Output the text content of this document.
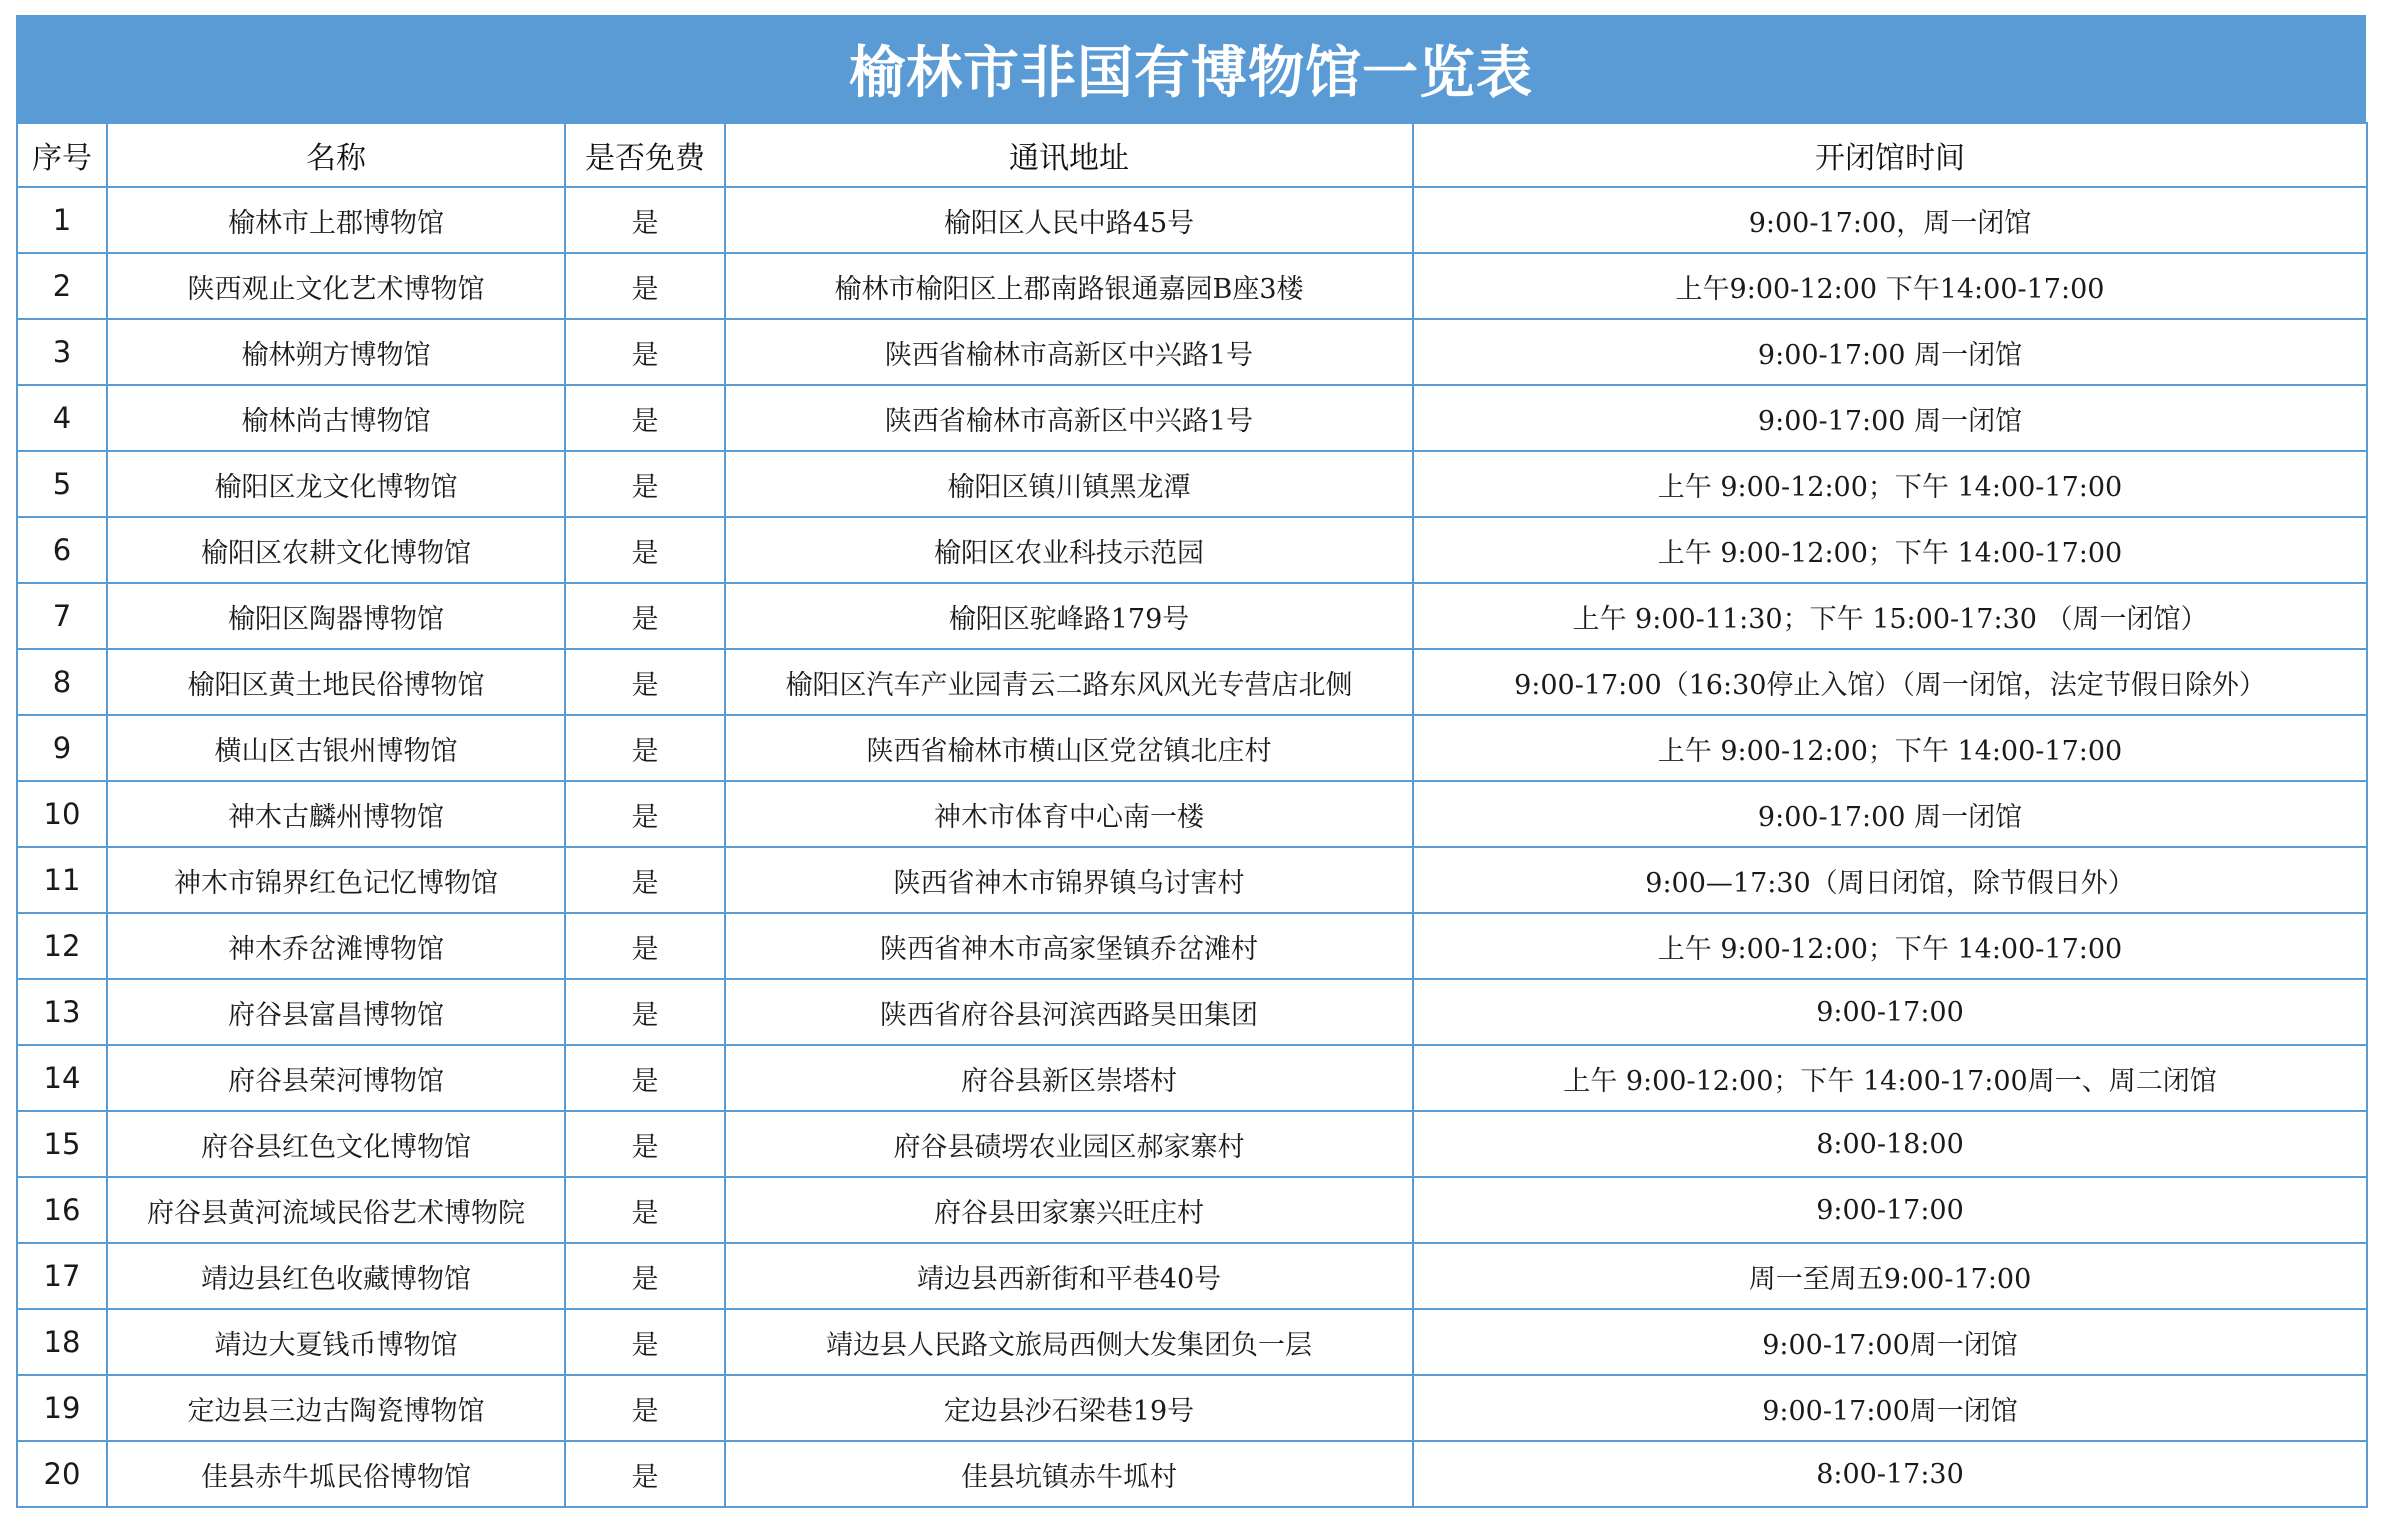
榆林市非国有博物馆一览表
序号	名称	是否免费	通讯地址	开闭馆时间
1	榆林市上郡博物馆	是	榆阳区人民中路45号	9:00-17:00，周一闭馆
2	陕西观止文化艺术博物馆	是	榆林市榆阳区上郡南路银通嘉园B座3楼	上午9:00-12:00 下午14:00-17:00
3	榆林朔方博物馆	是	陕西省榆林市高新区中兴路1号	9:00-17:00 周一闭馆
4	榆林尚古博物馆	是	陕西省榆林市高新区中兴路1号	9:00-17:00 周一闭馆
5	榆阳区龙文化博物馆	是	榆阳区镇川镇黑龙潭	上午 9:00-12:00；下午 14:00-17:00
6	榆阳区农耕文化博物馆	是	榆阳区农业科技示范园	上午 9:00-12:00；下午 14:00-17:00
7	榆阳区陶器博物馆	是	榆阳区驼峰路179号	上午 9:00-11:30；下午 15:00-17:30 （周一闭馆）
8	榆阳区黄土地民俗博物馆	是	榆阳区汽车产业园青云二路东风风光专营店北侧	9:00-17:00（16:30停止入馆）（周一闭馆，法定节假日除外）
9	横山区古银州博物馆	是	陕西省榆林市横山区党岔镇北庄村	上午 9:00-12:00；下午 14:00-17:00
10	神木古麟州博物馆	是	神木市体育中心南一楼	9:00-17:00 周一闭馆
11	神木市锦界红色记忆博物馆	是	陕西省神木市锦界镇乌讨害村	9:00—17:30（周日闭馆，除节假日外）
12	神木乔岔滩博物馆	是	陕西省神木市高家堡镇乔岔滩村	上午 9:00-12:00；下午 14:00-17:00
13	府谷县富昌博物馆	是	陕西省府谷县河滨西路昊田集团	9:00-17:00
14	府谷县荣河博物馆	是	府谷县新区崇塔村	上午 9:00-12:00；下午 14:00-17:00周一、周二闭馆
15	府谷县红色文化博物馆	是	府谷县碛塄农业园区郝家寨村	8:00-18:00
16	府谷县黄河流域民俗艺术博物院	是	府谷县田家寨兴旺庄村	9:00-17:00
17	靖边县红色收藏博物馆	是	靖边县西新街和平巷40号	周一至周五9:00-17:00
18	靖边大夏钱币博物馆	是	靖边县人民路文旅局西侧大发集团负一层	9:00-17:00周一闭馆
19	定边县三边古陶瓷博物馆	是	定边县沙石梁巷19号	9:00-17:00周一闭馆
20	佳县赤牛坬民俗博物馆	是	佳县坑镇赤牛坬村	8:00-17:30
